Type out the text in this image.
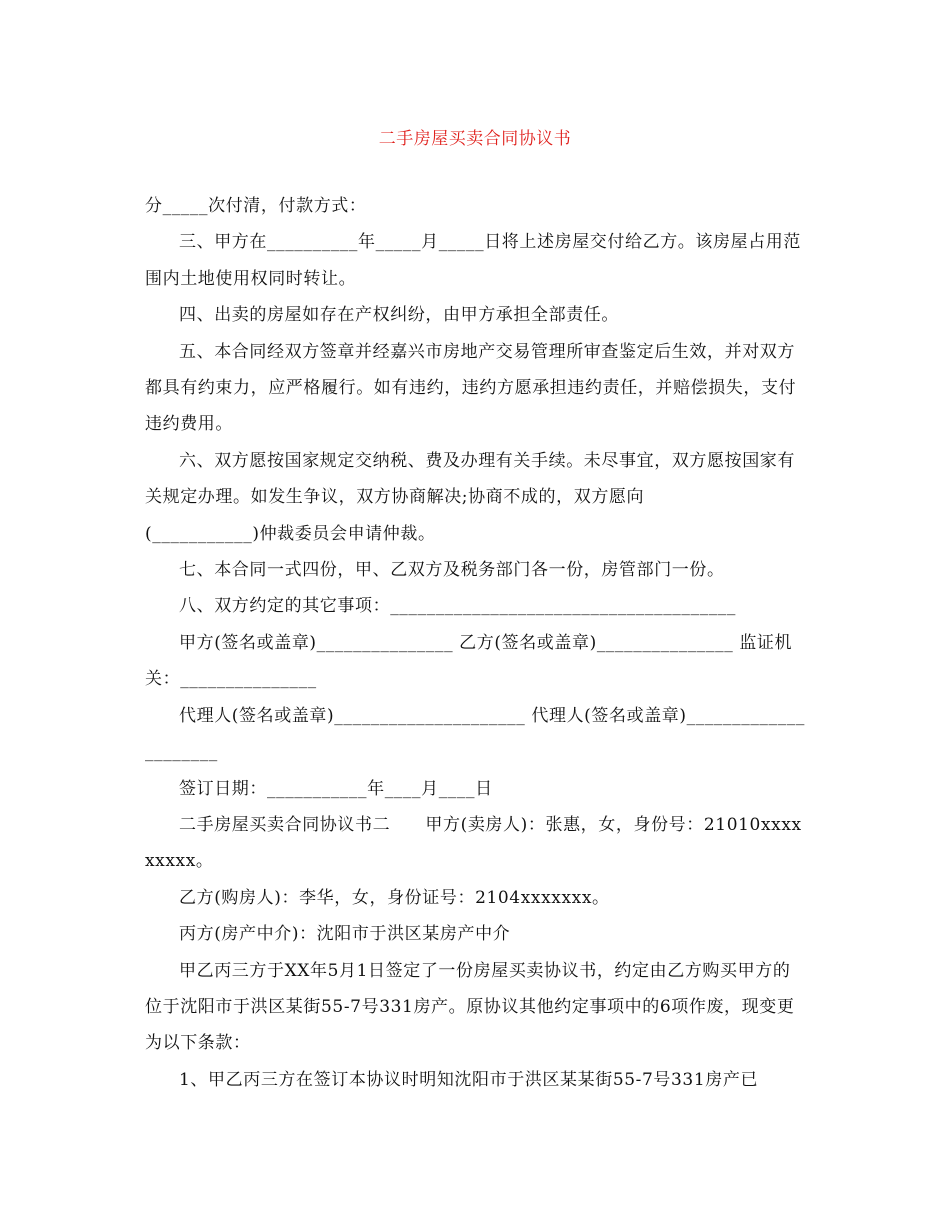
二手房屋买卖合同协议书

分_____次付清，付款方式：

三、甲方在__________年_____月_____日将上述房屋交付给乙方。该房屋占用范围内土地使用权同时转让。

四、出卖的房屋如存在产权纠纷，由甲方承担全部责任。

五、本合同经双方签章并经嘉兴市房地产交易管理所审查鉴定后生效，并对双方都具有约束力，应严格履行。如有违约，违约方愿承担违约责任，并赔偿损失，支付违约费用。

六、双方愿按国家规定交纳税、费及办理有关手续。未尽事宜，双方愿按国家有关规定办理。如发生争议，双方协商解决;协商不成的，双方愿向

(___________)仲裁委员会申请仲裁。

七、本合同一式四份，甲、乙双方及税务部门各一份，房管部门一份。

八、双方约定的其它事项：______________________________________

甲方(签名或盖章)_______________ 乙方(签名或盖章)_______________ 监证机关：_______________

代理人(签名或盖章)_____________________ 代理人(签名或盖章)_____________________

签订日期：___________年____月____日

二手房屋买卖合同协议书二　　甲方(卖房人)：张惠，女，身份号：21010xxxxxxxxx。

乙方(购房人)：李华，女，身份证号：2104xxxxxxx。

丙方(房产中介)：沈阳市于洪区某房产中介

甲乙丙三方于XX年5月1日签定了一份房屋买卖协议书，约定由乙方购买甲方的位于沈阳市于洪区某街55-7号331房产。原协议其他约定事项中的6项作废，现变更为以下条款：

1、甲乙丙三方在签订本协议时明知沈阳市于洪区某某街55-7号331房产已
